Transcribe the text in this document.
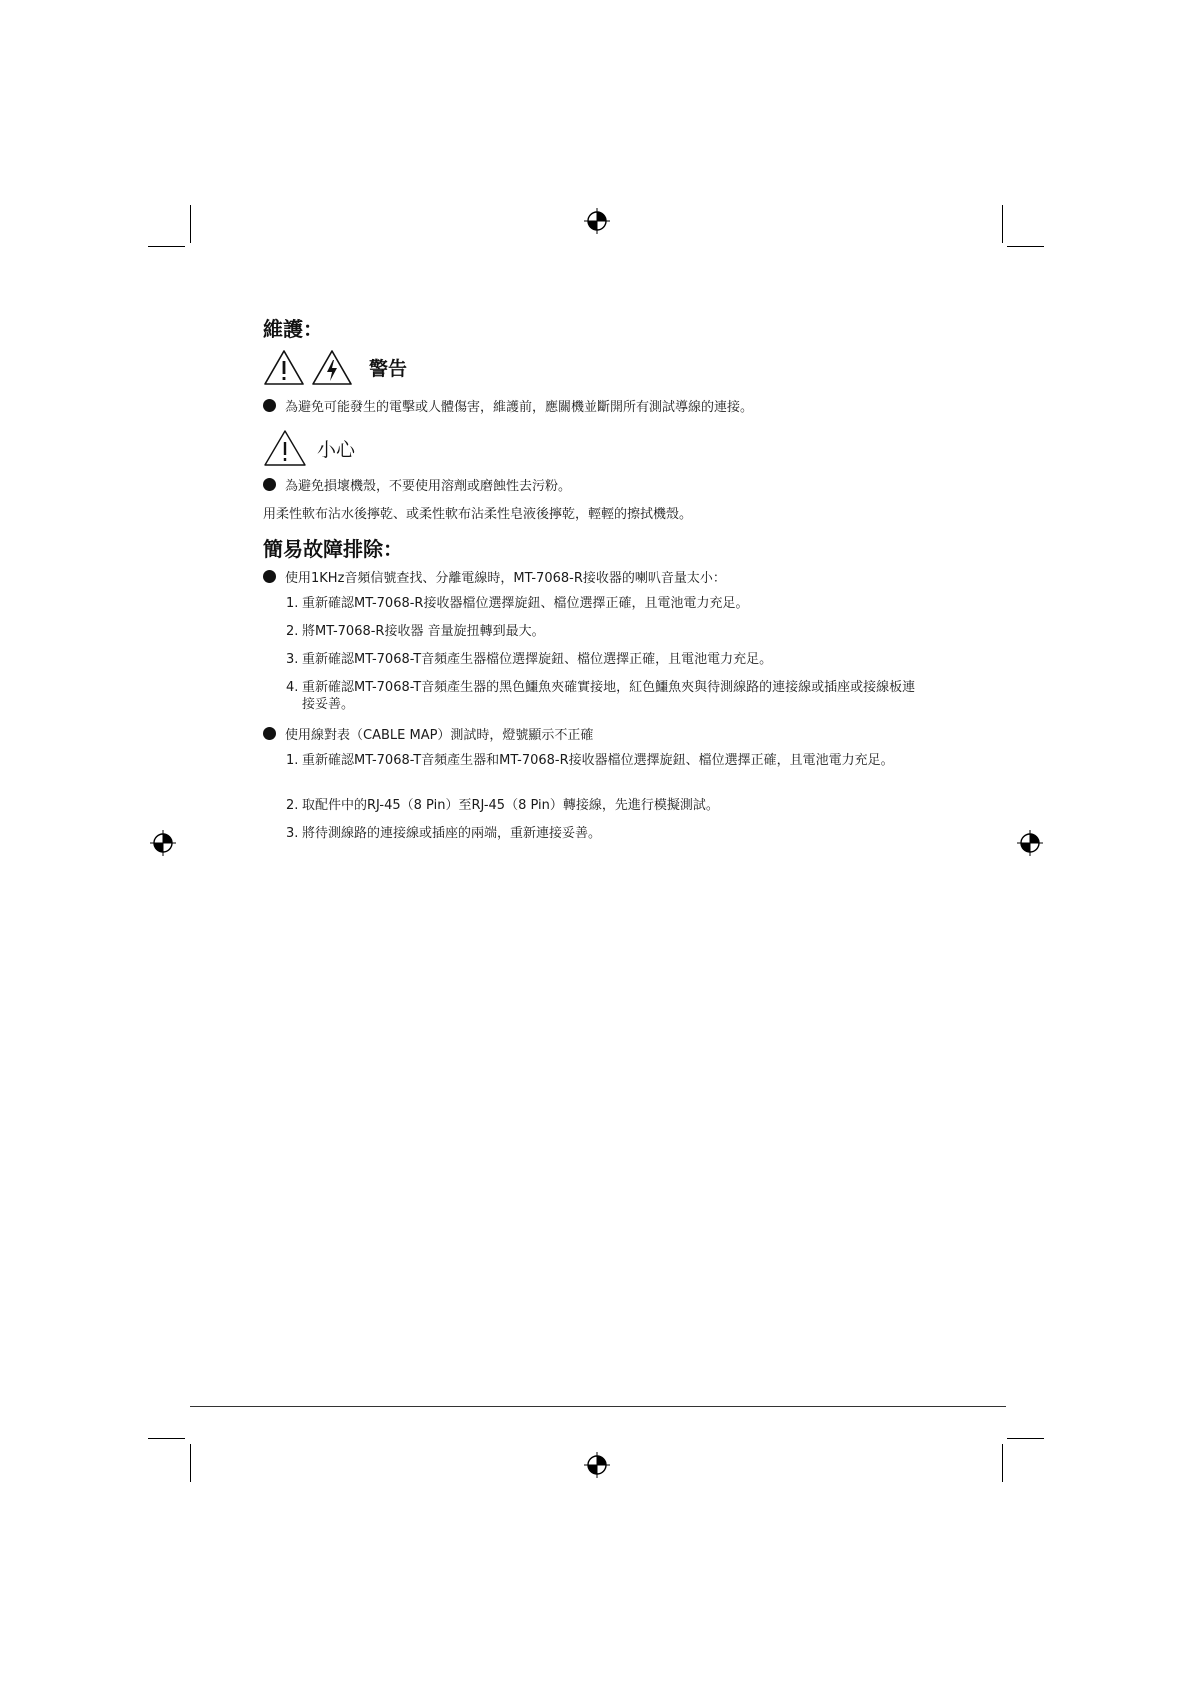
維護：
警告
為避免可能發生的電擊或人體傷害，維護前，應關機並斷開所有測試導線的連接。
小心
為避免損壞機殼，不要使用溶劑或磨蝕性去污粉。
用柔性軟布沾水後擰乾、或柔性軟布沾柔性皂液後擰乾，輕輕的擦拭機殼。
簡易故障排除：
使用1KHz音頻信號查找、分離電線時，MT-7068-R接收器的喇叭音量太小：
1. 重新確認MT-7068-R接收器檔位選擇旋鈕、檔位選擇正確，且電池電力充足。
2. 將MT-7068-R接收器 音量旋扭轉到最大。
3. 重新確認MT-7068-T音頻產生器檔位選擇旋鈕、檔位選擇正確，且電池電力充足。
4. 重新確認MT-7068-T音頻產生器的黑色鱷魚夾確實接地，紅色鱷魚夾與待測線路的連接線或插座或接線板連接妥善。
使用線對表（CABLE MAP）測試時，燈號顯示不正確
1. 重新確認MT-7068-T音頻產生器和MT-7068-R接收器檔位選擇旋鈕、檔位選擇正確，且電池電力充足。
2. 取配件中的RJ-45（8 Pin）至RJ-45（8 Pin）轉接線，先進行模擬測試。
3. 將待測線路的連接線或插座的兩端，重新連接妥善。
